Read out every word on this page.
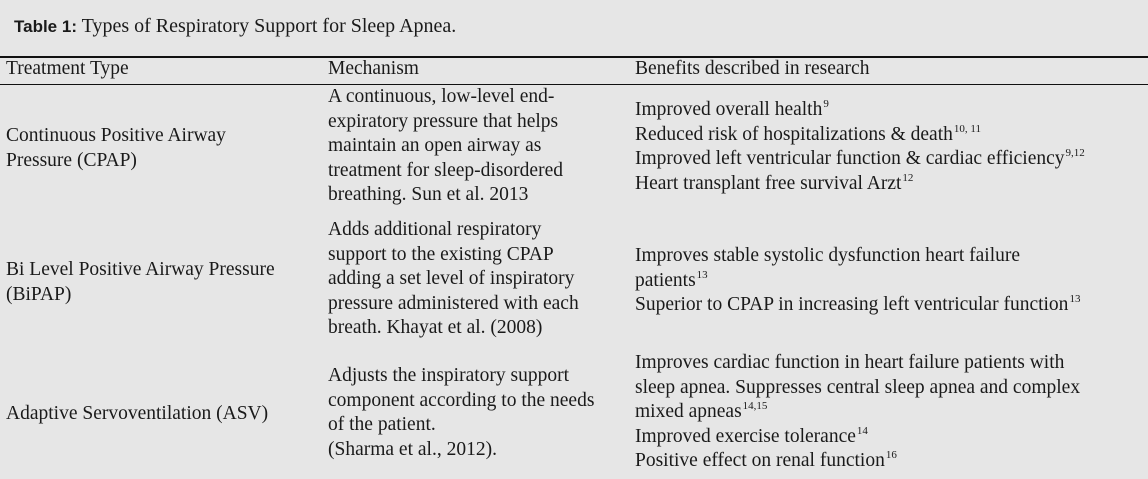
Table 1: Types of Respiratory Support for Sleep Apnea.
Treatment Type	Mechanism	Benefits described in research
Continuous Positive Airway
Pressure (CPAP)
A continuous, low-level end-
expiratory pressure that helps
maintain an open airway as
treatment for sleep-disordered
breathing. Sun et al. 2013
Improved overall health$^9$
Reduced risk of hospitalizations & death$^{10, 11}$
Improved left ventricular function & cardiac efficiency$^{9,12}$
Heart transplant free survival Arzt$^{12}$
Bi Level Positive Airway Pressure
(BiPAP)
Adds additional respiratory
support to the existing CPAP
adding a set level of inspiratory
pressure administered with each
breath. Khayat et al. (2008)
Improves stable systolic dysfunction heart failure
patients$^{13}$
Superior to CPAP in increasing left ventricular function$^{13}$
Adaptive Servoventilation (ASV)
Adjusts the inspiratory support
component according to the needs
of the patient.
(Sharma et al., 2012).
Improves cardiac function in heart failure patients with
sleep apnea. Suppresses central sleep apnea and complex
mixed apneas$^{14,15}$
Improved exercise tolerance$^{14}$
Positive effect on renal function$^{16}$
